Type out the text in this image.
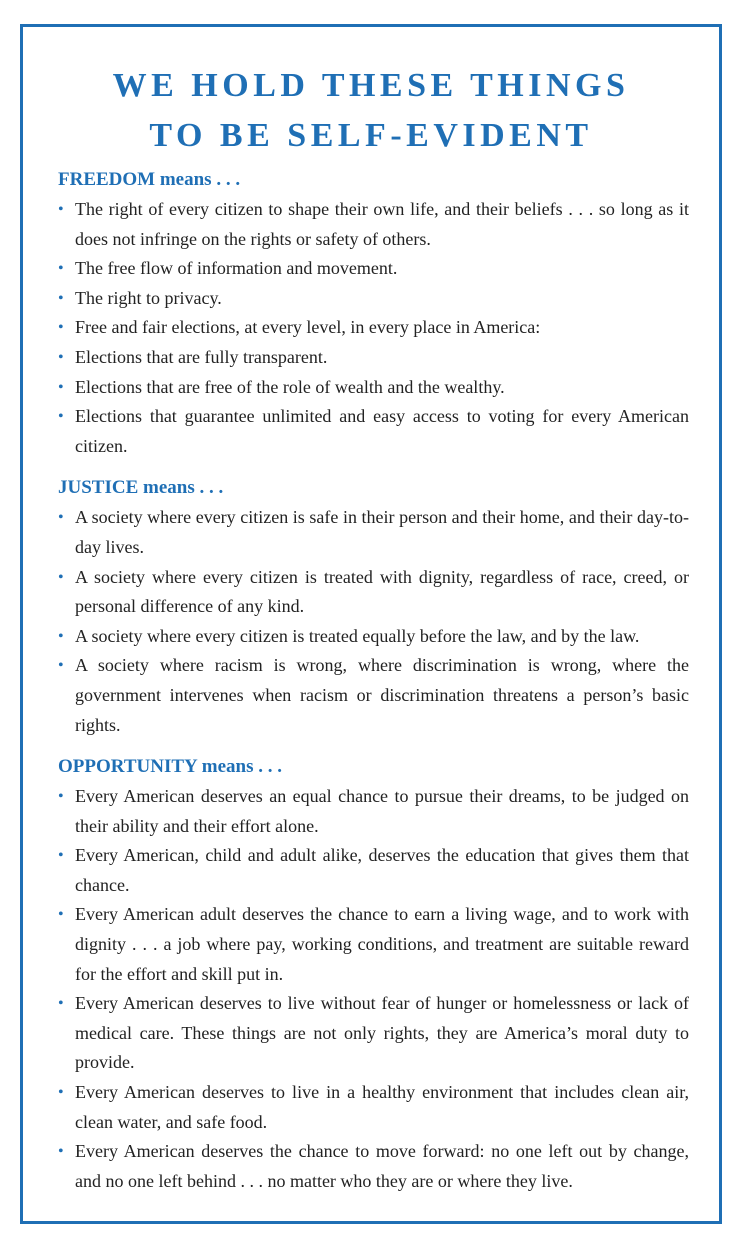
WE HOLD THESE THINGS
TO BE SELF-EVIDENT
FREEDOM means . . .
• The right of every citizen to shape their own life, and their beliefs . . . so long as it does not infringe on the rights or safety of others.
• The free flow of information and movement.
• The right to privacy.
• Free and fair elections, at every level, in every place in America:
• Elections that are fully transparent.
• Elections that are free of the role of wealth and the wealthy.
• Elections that guarantee unlimited and easy access to voting for every American citizen.
JUSTICE means . . .
• A society where every citizen is safe in their person and their home, and their day-to-day lives.
• A society where every citizen is treated with dignity, regardless of race, creed, or personal difference of any kind.
• A society where every citizen is treated equally before the law, and by the law.
• A society where racism is wrong, where discrimination is wrong, where the government intervenes when racism or discrimination threatens a person’s basic rights.
OPPORTUNITY means . . .
• Every American deserves an equal chance to pursue their dreams, to be judged on their ability and their effort alone.
• Every American, child and adult alike, deserves the education that gives them that chance.
• Every American adult deserves the chance to earn a living wage, and to work with dignity . . . a job where pay, working conditions, and treatment are suitable reward for the effort and skill put in.
• Every American deserves to live without fear of hunger or homelessness or lack of medical care. These things are not only rights, they are America’s moral duty to provide.
• Every American deserves to live in a healthy environment that includes clean air, clean water, and safe food.
• Every American deserves the chance to move forward: no one left out by change, and no one left behind . . . no matter who they are or where they live.
